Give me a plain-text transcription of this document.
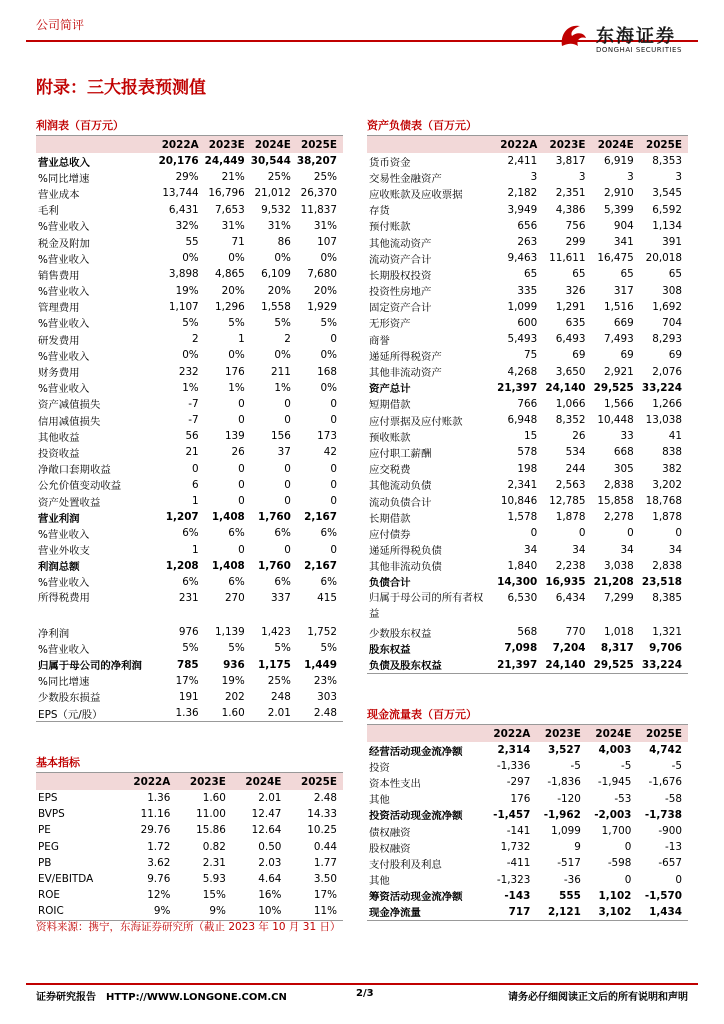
公司简评
东海证券
DONGHAI SECURITIES
附录：三大报表预测值
利润表（百万元）
	2022A	2023E	2024E	2025E
营业总收入	20,176	24,449	30,544	38,207
%同比增速	29%	21%	25%	25%
营业成本	13,744	16,796	21,012	26,370
毛利	6,431	7,653	9,532	11,837
%营业收入	32%	31%	31%	31%
税金及附加	55	71	86	107
%营业收入	0%	0%	0%	0%
销售费用	3,898	4,865	6,109	7,680
%营业收入	19%	20%	20%	20%
管理费用	1,107	1,296	1,558	1,929
%营业收入	5%	5%	5%	5%
研发费用	2	1	2	0
%营业收入	0%	0%	0%	0%
财务费用	232	176	211	168
%营业收入	1%	1%	1%	0%
资产减值损失	-7	0	0	0
信用减值损失	-7	0	0	0
其他收益	56	139	156	173
投资收益	21	26	37	42
净敞口套期收益	0	0	0	0
公允价值变动收益	6	0	0	0
资产处置收益	1	0	0	0
营业利润	1,207	1,408	1,760	2,167
%营业收入	6%	6%	6%	6%
营业外收支	1	0	0	0
利润总额	1,208	1,408	1,760	2,167
%营业收入	6%	6%	6%	6%
所得税费用	231	270	337	415
净利润	976	1,139	1,423	1,752
%营业收入	5%	5%	5%	5%
归属于母公司的净利润	785	936	1,175	1,449
%同比增速	17%	19%	25%	23%
少数股东损益	191	202	248	303
EPS（元/股）	1.36	1.60	2.01	2.48
资产负债表（百万元）
	2022A	2023E	2024E	2025E
货币资金	2,411	3,817	6,919	8,353
交易性金融资产	3	3	3	3
应收账款及应收票据	2,182	2,351	2,910	3,545
存货	3,949	4,386	5,399	6,592
预付账款	656	756	904	1,134
其他流动资产	263	299	341	391
流动资产合计	9,463	11,611	16,475	20,018
长期股权投资	65	65	65	65
投资性房地产	335	326	317	308
固定资产合计	1,099	1,291	1,516	1,692
无形资产	600	635	669	704
商誉	5,493	6,493	7,493	8,293
递延所得税资产	75	69	69	69
其他非流动资产	4,268	3,650	2,921	2,076
资产总计	21,397	24,140	29,525	33,224
短期借款	766	1,066	1,566	1,266
应付票据及应付账款	6,948	8,352	10,448	13,038
预收账款	15	26	33	41
应付职工薪酬	578	534	668	838
应交税费	198	244	305	382
其他流动负债	2,341	2,563	2,838	3,202
流动负债合计	10,846	12,785	15,858	18,768
长期借款	1,578	1,878	2,278	1,878
应付债券	0	0	0	0
递延所得税负债	34	34	34	34
其他非流动负债	1,840	2,238	3,038	2,838
负债合计	14,300	16,935	21,208	23,518
归属于母公司的所有者权益	6,530	6,434	7,299	8,385
少数股东权益	568	770	1,018	1,321
股东权益	7,098	7,204	8,317	9,706
负债及股东权益	21,397	24,140	29,525	33,224
现金流量表（百万元）
	2022A	2023E	2024E	2025E
经营活动现金流净额	2,314	3,527	4,003	4,742
投资	-1,336	-5	-5	-5
资本性支出	-297	-1,836	-1,945	-1,676
其他	176	-120	-53	-58
投资活动现金流净额	-1,457	-1,962	-2,003	-1,738
债权融资	-141	1,099	1,700	-900
股权融资	1,732	9	0	-13
支付股利及利息	-411	-517	-598	-657
其他	-1,323	-36	0	0
筹资活动现金流净额	-143	555	1,102	-1,570
现金净流量	717	2,121	3,102	1,434
基本指标
	2022A	2023E	2024E	2025E
EPS	1.36	1.60	2.01	2.48
BVPS	11.16	11.00	12.47	14.33
PE	29.76	15.86	12.64	10.25
PEG	1.72	0.82	0.50	0.44
PB	3.62	2.31	2.03	1.77
EV/EBITDA	9.76	5.93	4.64	3.50
ROE	12%	15%	16%	17%
ROIC	9%	9%	10%	11%
资料来源：携宁，东海证券研究所（截止 2023 年 10 月 31 日）
证券研究报告　HTTP://WWW.LONGONE.COM.CN	2/3	请务必仔细阅读正文后的所有说明和声明
